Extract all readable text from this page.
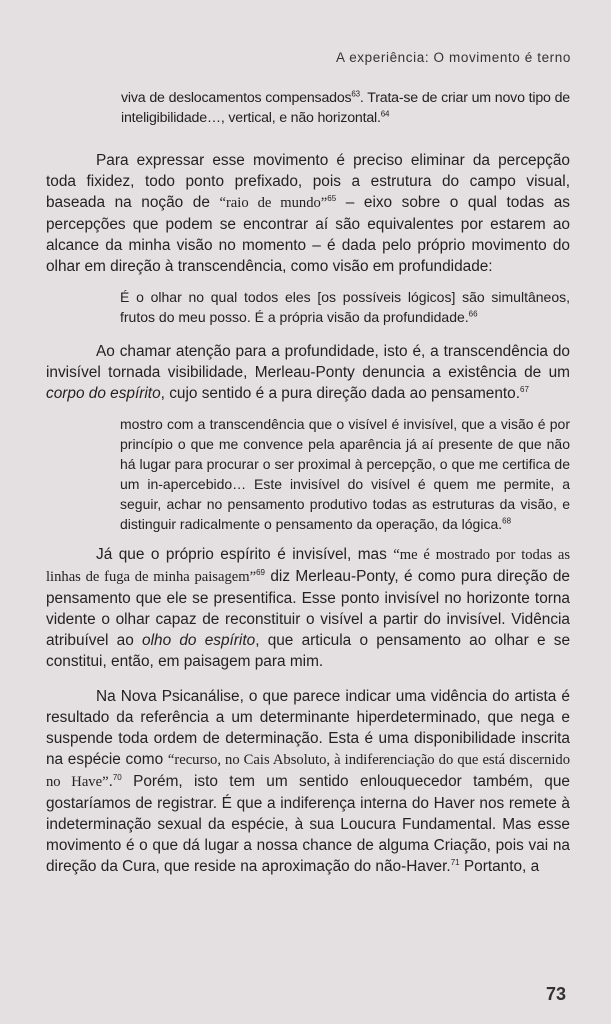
A experiência: O movimento é terno

viva de deslocamentos compensados$^{63}$. Trata-se de criar um novo tipo de inteligibilidade…, vertical, e não horizontal.$^{64}$

Para expressar esse movimento é preciso eliminar da percepção toda fixidez, todo ponto prefixado, pois a estrutura do campo visual, baseada na noção de “raio de mundo”$^{65}$ – eixo sobre o qual todas as percepções que podem se encontrar aí são equivalentes por estarem ao alcance da minha visão no momento – é dada pelo próprio movimento do olhar em direção à transcendência, como visão em profundidade:

É o olhar no qual todos eles [os possíveis lógicos] são simultâneos, frutos do meu posso. É a própria visão da profundidade.$^{66}$

Ao chamar atenção para a profundidade, isto é, a transcendência do invisível tornada visibilidade, Merleau-Ponty denuncia a existência de um corpo do espírito, cujo sentido é a pura direção dada ao pensamento.$^{67}$

mostro com a transcendência que o visível é invisível, que a visão é por princípio o que me convence pela aparência já aí presente de que não há lugar para procurar o ser proximal à percepção, o que me certifica de um in-apercebido… Este invisível do visível é quem me permite, a seguir, achar no pensamento produtivo todas as estruturas da visão, e distinguir radicalmente o pensamento da operação, da lógica.$^{68}$

Já que o próprio espírito é invisível, mas “me é mostrado por todas as linhas de fuga de minha paisagem”$^{69}$ diz Merleau-Ponty, é como pura direção de pensamento que ele se presentifica. Esse ponto invisível no horizonte torna vidente o olhar capaz de reconstituir o visível a partir do invisível. Vidência atribuível ao olho do espírito, que articula o pensamento ao olhar e se constitui, então, em paisagem para mim.

Na Nova Psicanálise, o que parece indicar uma vidência do artista é resultado da referência a um determinante hiperdeterminado, que nega e suspende toda ordem de determinação. Esta é uma disponibilidade inscrita na espécie como “recurso, no Cais Absoluto, à indiferenciação do que está discernido no Have”.$^{70}$ Porém, isto tem um sentido enlouquecedor também, que gostaríamos de registrar. É que a indiferença interna do Haver nos remete à indeterminação sexual da espécie, à sua Loucura Fundamental. Mas esse movimento é o que dá lugar a nossa chance de alguma Criação, pois vai na direção da Cura, que reside na aproximação do não-Haver.$^{71}$ Portanto, a

73
